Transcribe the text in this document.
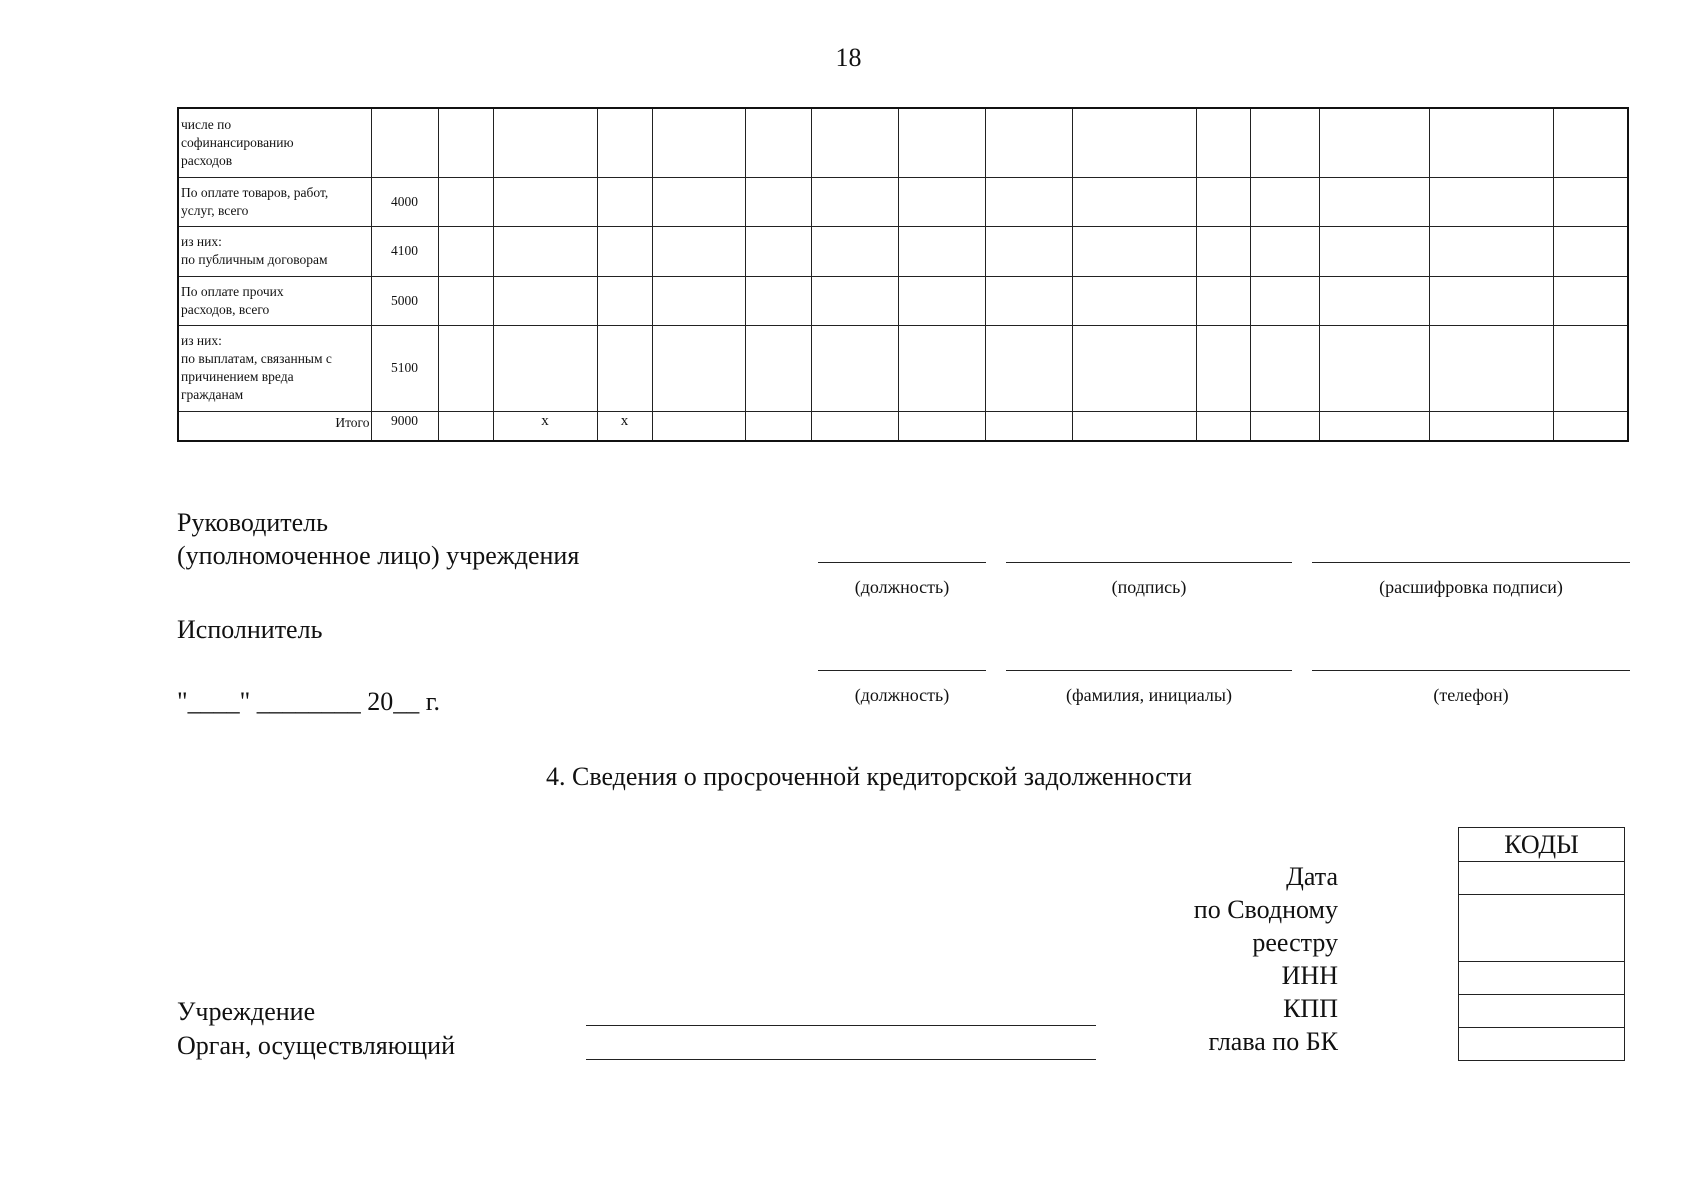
18
числе по
софинансированию
расходов															
По оплате товаров, работ,
услуг, всего	4000														
из них:
по публичным договорам	4100														
По оплате прочих
расходов, всего	5000														
из них:
по выплатам, связанным с
причинением вреда
гражданам	5100														
Итого	9000		x	x											
Руководитель
(уполномоченное лицо) учреждения
(должность)	(подпись)	(расшифровка подписи)
Исполнитель
(должность)	(фамилия, инициалы)	(телефон)
"____" ________ 20__ г.
4. Сведения о просроченной кредиторской задолженности
Дата
по Сводному
реестру
ИНН
КПП
глава по БК
КОДЫ

Учреждение
Орган, осуществляющий
